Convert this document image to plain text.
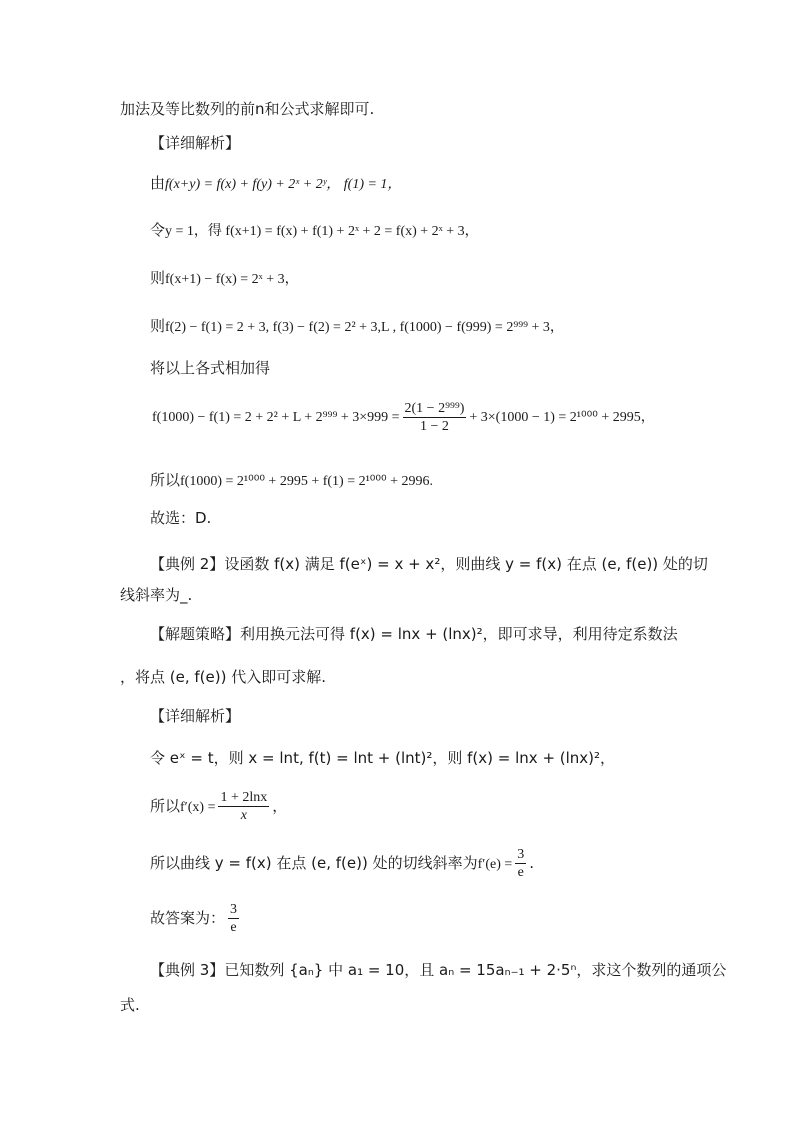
加法及等比数列的前n和公式求解即可.
【详细解析】
由f(x+y) = f(x) + f(y) + 2ˣ + 2ʸ， f(1) = 1，
令y = 1，得 f(x+1) = f(x) + f(1) + 2ˣ + 2 = f(x) + 2ˣ + 3，
则f(x+1) − f(x) = 2ˣ + 3，
则f(2) − f(1) = 2 + 3, f(3) − f(2) = 2² + 3,L , f(1000) − f(999) = 2⁹⁹⁹ + 3，
将以上各式相加得
$f(1000) - f(1) = 2 + 2^2 + L + 2^{999} + 3\times 999 = \frac{\text{2(1 − 2⁹⁹⁹)}}{1 - 2} + 3\times(1000 - 1) = 2^{1000} + 2995$，
所以f(1000) = 2¹⁰⁰⁰ + 2995 + f(1) = 2¹⁰⁰⁰ + 2996.
故选：D.
【典例 2】设函数 f(x) 满足 f(eˣ) = x + x²，则曲线 y = f(x) 在点 (e, f(e)) 处的切
线斜率为_.
【解题策略】利用换元法可得 f(x) = lnx + (lnx)²，即可求导，利用待定系数法
，将点 (e, f(e)) 代入即可求解.
【详细解析】
令 eˣ = t，则 x = lnt, f(t) = lnt + (lnt)²，则 f(x) = lnx + (lnx)²，
所以$f'(x) = \frac{1 + 2\ln x}{x}$ ，
所以曲线 y = f(x) 在点 (e, f(e)) 处的切线斜率为$f'(e) = \frac{3}{e}$ .
故答案为： $\frac{3}{e}$
【典例 3】已知数列 {aₙ} 中 a₁ = 10，且 aₙ = 15aₙ₋₁ + 2·5ⁿ，求这个数列的通项公
式.
